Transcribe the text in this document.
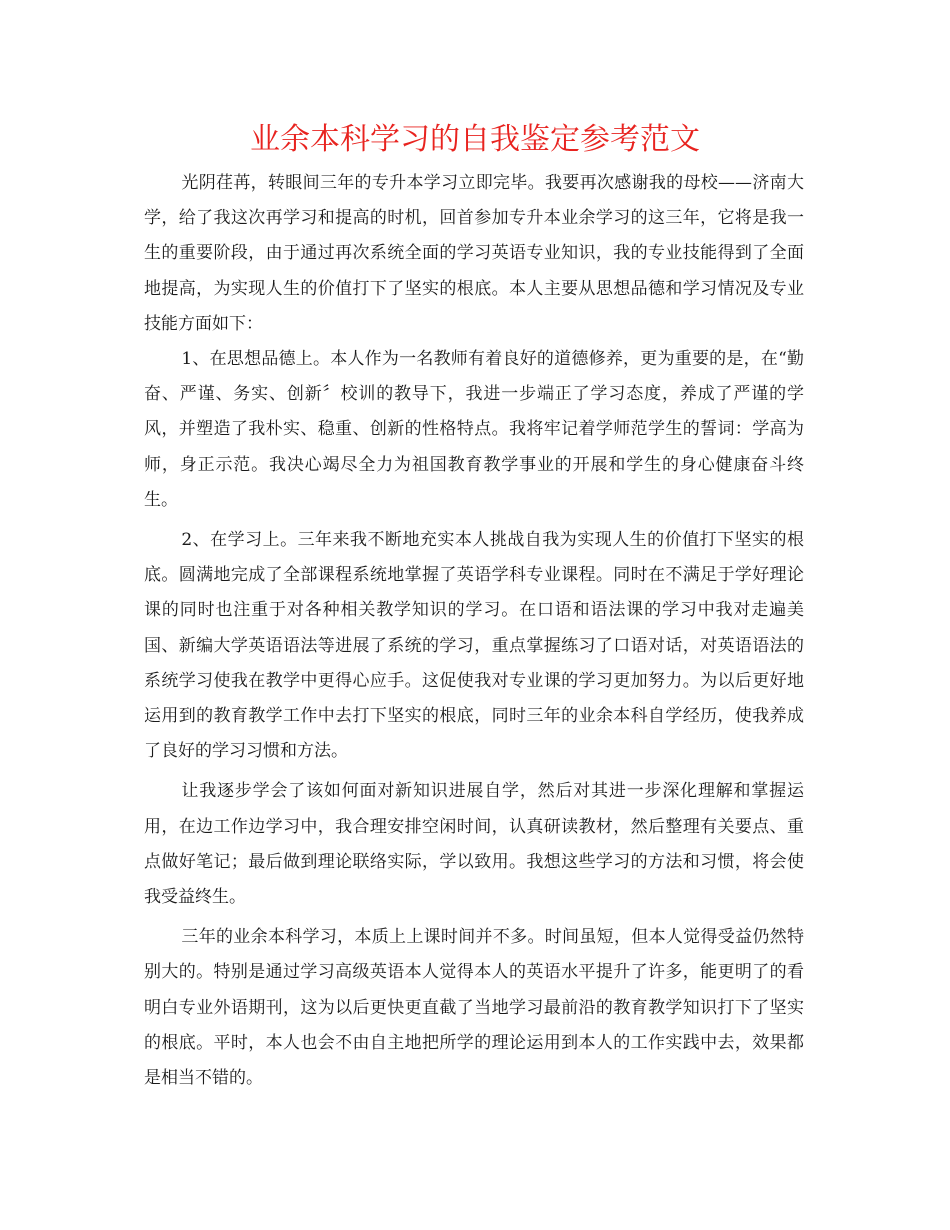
业余本科学习的自我鉴定参考范文

光阴荏苒，转眼间三年的专升本学习立即完毕。我要再次感谢我的母校——济南大学，给了我这次再学习和提高的时机，回首参加专升本业余学习的这三年，它将是我一生的重要阶段，由于通过再次系统全面的学习英语专业知识，我的专业技能得到了全面地提高，为实现人生的价值打下了坚实的根底。本人主要从思想品德和学习情况及专业技能方面如下：

1、在思想品德上。本人作为一名教师有着良好的道德修养，更为重要的是，在“勤奋、严谨、务实、创新〞校训的教导下，我进一步端正了学习态度，养成了严谨的学风，并塑造了我朴实、稳重、创新的性格特点。我将牢记着学师范学生的誓词：学高为师，身正示范。我决心竭尽全力为祖国教育教学事业的开展和学生的身心健康奋斗终生。

2、在学习上。三年来我不断地充实本人挑战自我为实现人生的价值打下坚实的根底。圆满地完成了全部课程系统地掌握了英语学科专业课程。同时在不满足于学好理论课的同时也注重于对各种相关教学知识的学习。在口语和语法课的学习中我对走遍美国、新编大学英语语法等进展了系统的学习，重点掌握练习了口语对话，对英语语法的系统学习使我在教学中更得心应手。这促使我对专业课的学习更加努力。为以后更好地运用到的教育教学工作中去打下坚实的根底，同时三年的业余本科自学经历，使我养成了良好的学习习惯和方法。

让我逐步学会了该如何面对新知识进展自学，然后对其进一步深化理解和掌握运用，在边工作边学习中，我合理安排空闲时间，认真研读教材，然后整理有关要点、重点做好笔记；最后做到理论联络实际，学以致用。我想这些学习的方法和习惯，将会使我受益终生。

三年的业余本科学习，本质上上课时间并不多。时间虽短，但本人觉得受益仍然特别大的。特别是通过学习高级英语本人觉得本人的英语水平提升了许多，能更明了的看明白专业外语期刊，这为以后更快更直截了当地学习最前沿的教育教学知识打下了坚实的根底。平时，本人也会不由自主地把所学的理论运用到本人的工作实践中去，效果都是相当不错的。
